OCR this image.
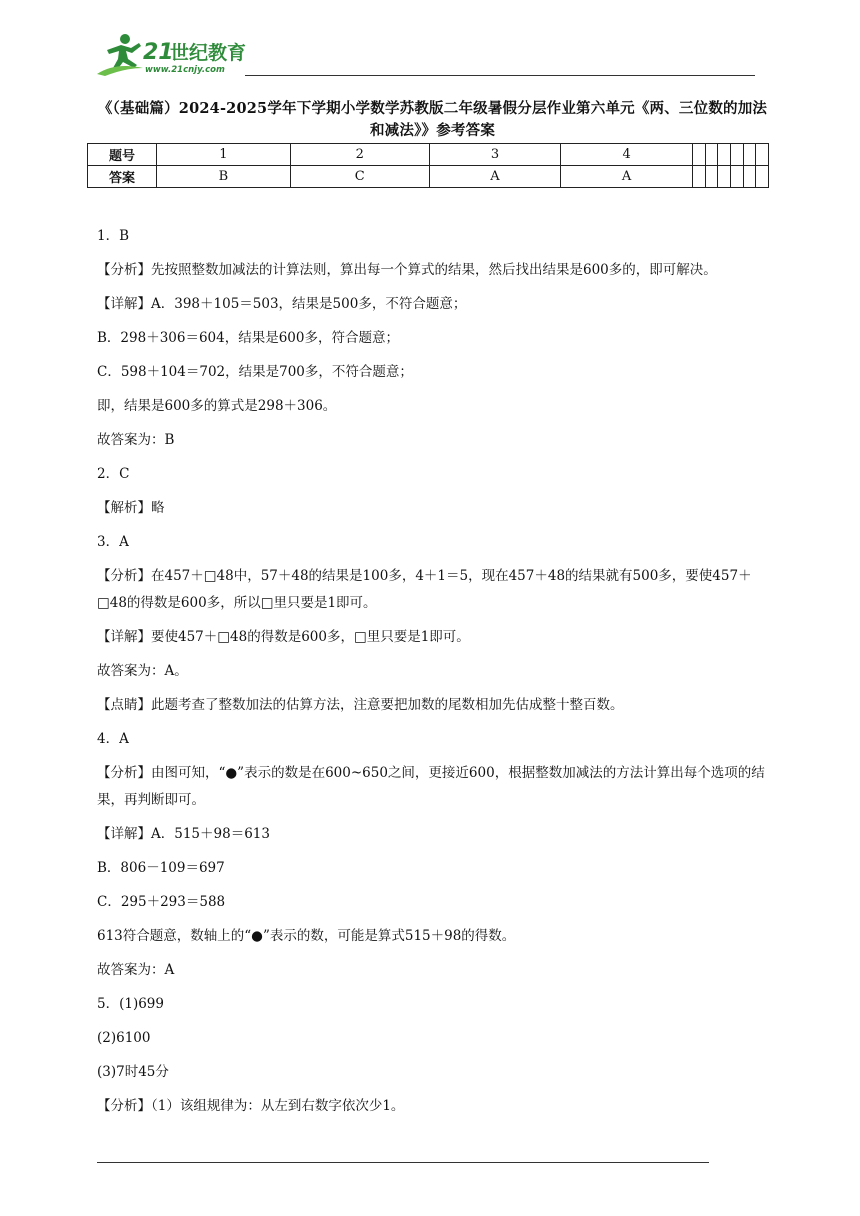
21
世纪教育
www.21cnjy.com
《（基础篇）2024-2025学年下学期小学数学苏教版二年级暑假分层作业第六单元《两、三位数的加法和减法》》参考答案
题号	1	2	3	4						
答案	B	C	A	A						

1．B

【分析】先按照整数加减法的计算法则，算出每一个算式的结果，然后找出结果是600多的，即可解决。

【详解】A．398＋105＝503，结果是500多，不符合题意；

B．298＋306＝604，结果是600多，符合题意；

C．598＋104＝702，结果是700多，不符合题意；

即，结果是600多的算式是298＋306。

故答案为：B

2．C

【解析】略

3．A

【分析】在457＋□48中，57＋48的结果是100多，4＋1＝5，现在457＋48的结果就有500多，要使457＋□48的得数是600多，所以□里只要是1即可。

【详解】要使457＋□48的得数是600多，□里只要是1即可。

故答案为：A。

【点睛】此题考查了整数加法的估算方法，注意要把加数的尾数相加先估成整十整百数。

4．A

【分析】由图可知，“●”表示的数是在600~650之间，更接近600，根据整数加减法的方法计算出每个选项的结果，再判断即可。

【详解】A．515＋98＝613

B．806－109＝697

C．295＋293＝588

613符合题意，数轴上的“●”表示的数，可能是算式515＋98的得数。

故答案为：A

5．(1)699

(2)6100

(3)7时45分

【分析】（1）该组规律为：从左到右数字依次少1。
